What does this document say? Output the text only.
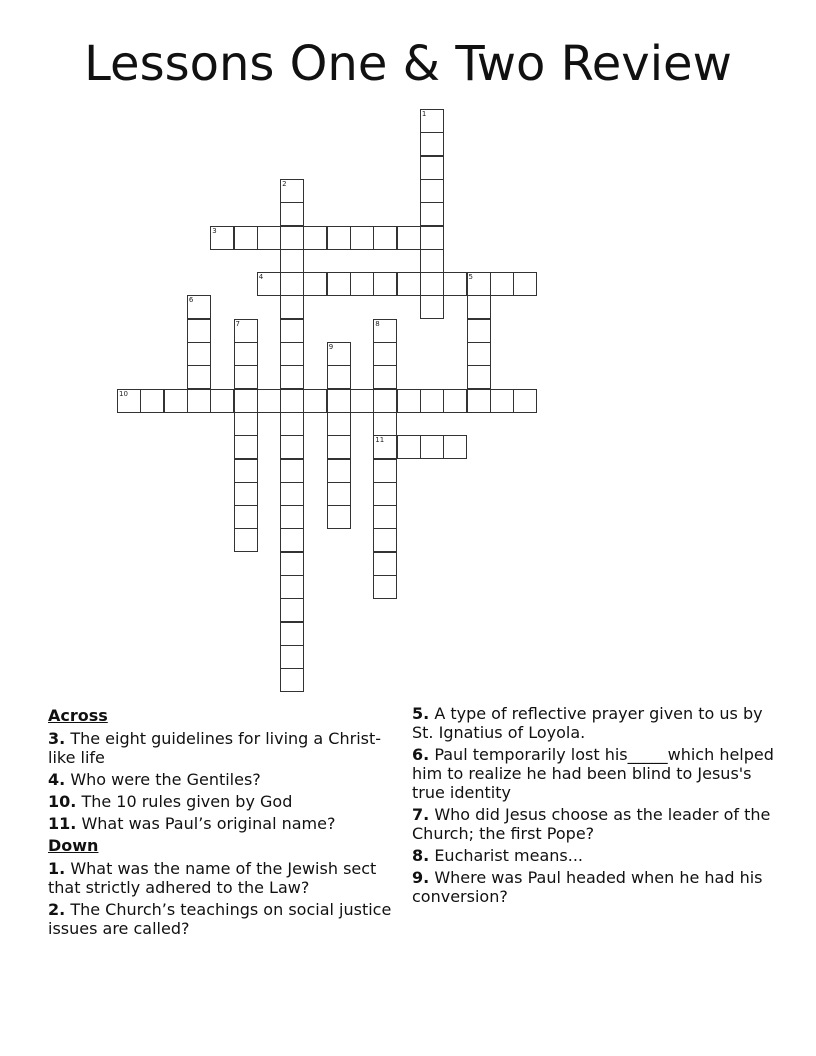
Lessons One & Two Review
1
2
3
4	5
6
7	8
11
9
10
Across
3. The eight guidelines for living a Christ-like life
4. Who were the Gentiles?
10. The 10 rules given by God
11. What was Paul’s original name?
Down
1. What was the name of the Jewish sect that strictly adhered to the Law?
2. The Church’s teachings on social justice issues are called?
5. A type of reflective prayer given to us by St. Ignatius of Loyola.
6. Paul temporarily lost his_____which helped him to realize he had been blind to Jesus's true identity
7. Who did Jesus choose as the leader of the Church; the first Pope?
8. Eucharist means...
9. Where was Paul headed when he had his conversion?
